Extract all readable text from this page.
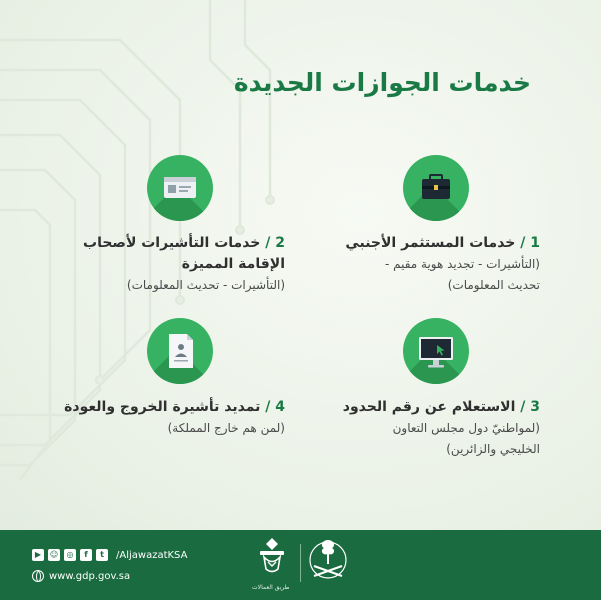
خدمات الجوازات الجديدة
1 / خدمات المستثمر الأجنبي
(التأشيرات - تجديد هوية مقيم -
تحديث المعلومات)
2 / خدمات التأشيرات لأصحاب
الإقامة المميزة
(التأشيرات - تحديث المعلومات)
3 / الاستعلام عن رقم الحدود
(لمواطنيّ دول مجلس التعاون
الخليجي والزائرين)
4 / تمديد تأشيرة الخروج والعودة
(لمن هم خارج المملكة)
/AljawazatKSA
t
f
◎
☺
▶
www.gdp.gov.sa
طريق العمالات
